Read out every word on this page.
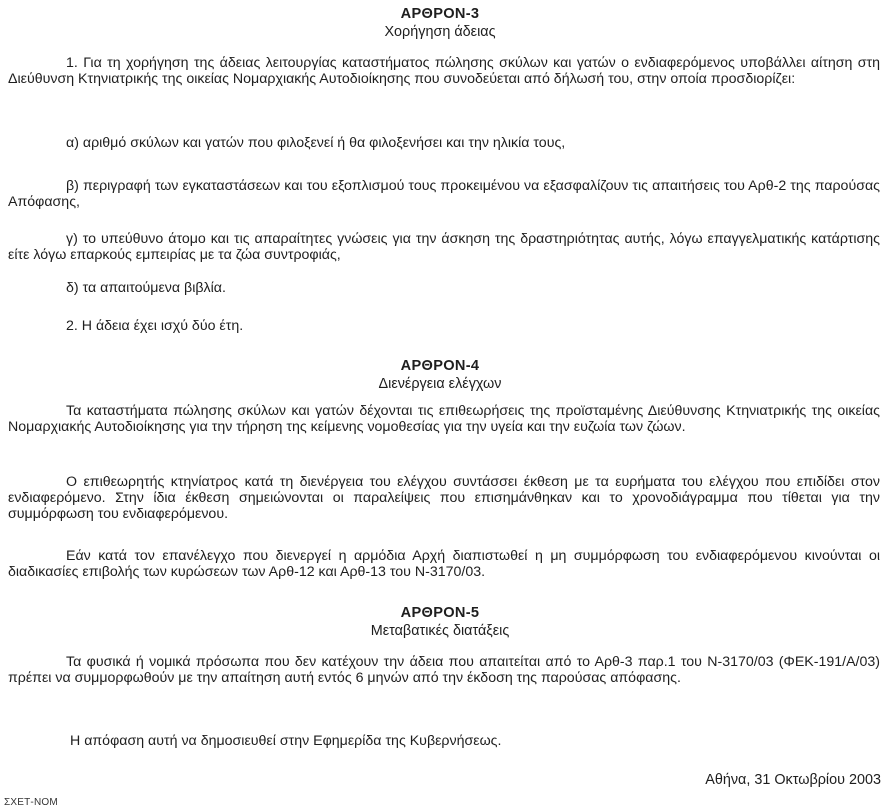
ΑΡΘΡΟΝ-3
Χορήγηση άδειας
1. Για τη χορήγηση της άδειας λειτουργίας καταστήματος πώλησης σκύλων και γατών ο ενδιαφερόμενος υποβάλλει αίτηση στη Διεύθυνση Κτηνιατρικής της οικείας Νομαρχιακής Αυτοδιοίκησης που συνοδεύεται από δήλωσή του, στην οποία προσδιορίζει:
α) αριθμό σκύλων και γατών που φιλοξενεί ή θα φιλοξενήσει και την ηλικία τους,
β) περιγραφή των εγκαταστάσεων και του εξοπλισμού τους προκειμένου να εξασφαλίζουν τις απαιτήσεις του Αρθ-2 της παρούσας Απόφασης,
γ) το υπεύθυνο άτομο και τις απαραίτητες γνώσεις για την άσκηση της δραστηριότητας αυτής, λόγω επαγγελματικής κατάρτισης είτε λόγω επαρκούς εμπειρίας με τα ζώα συντροφιάς,
δ) τα απαιτούμενα βιβλία.
2. Η άδεια έχει ισχύ δύο έτη.
ΑΡΘΡΟΝ-4
Διενέργεια ελέγχων
Τα καταστήματα πώλησης σκύλων και γατών δέχονται τις επιθεωρήσεις της προϊσταμένης Διεύθυνσης Κτηνιατρικής της οικείας Νομαρχιακής Αυτοδιοίκησης για την τήρηση της κείμενης νομοθεσίας για την υγεία και την ευζωία των ζώων.
Ο επιθεωρητής κτηνίατρος κατά τη διενέργεια του ελέγχου συντάσσει έκθεση με τα ευρήματα του ελέγχου που επιδίδει στον ενδιαφερόμενο. Στην ίδια έκθεση σημειώνονται οι παραλείψεις που επισημάνθηκαν και το χρονοδιάγραμμα που τίθεται για την συμμόρφωση του ενδιαφερόμενου.
Εάν κατά τον επανέλεγχο που διενεργεί η αρμόδια Αρχή διαπιστωθεί η μη συμμόρφωση του ενδιαφερόμενου κινούνται οι διαδικασίες επιβολής των κυρώσεων των Αρθ-12 και Αρθ-13 του Ν-3170/03.
ΑΡΘΡΟΝ-5
Μεταβατικές διατάξεις
Τα φυσικά ή νομικά πρόσωπα που δεν κατέχουν την άδεια που απαιτείται από το Αρθ-3 παρ.1 του Ν-3170/03 (ΦΕΚ-191/Α/03) πρέπει να συμμορφωθούν με την απαίτηση αυτή εντός 6 μηνών από την έκδοση της παρούσας απόφασης.
Η απόφαση αυτή να δημοσιευθεί στην Εφημερίδα της Κυβερνήσεως.
Αθήνα, 31 Οκτωβρίου 2003
ΣΧΕΤ-ΝΟΜ
